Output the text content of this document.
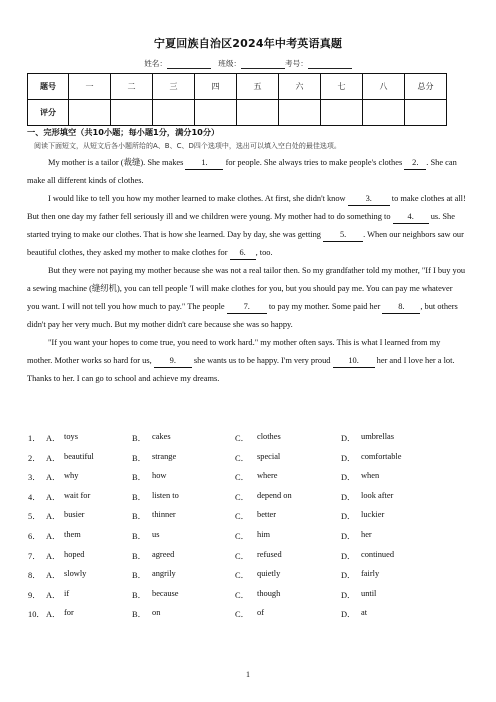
宁夏回族自治区2024年中考英语真题
姓名：	班级：	考号：
题号	一	二	三	四	五	六	七	八	总分
评分									
一、完形填空（共10小题；每小题1分，满分10分）
阅读下面短文，从短文后各小题所给的A、B、C、D四个选项中，选出可以填入空白处的最佳选项。

My mother is a tailor (裁缝). She makes 1. for people. She always tries to make people's clothes 2. . She can make all different kinds of clothes.

I would like to tell you how my mother learned to make clothes. At first, she didn't know 3. to make clothes at all! But then one day my father fell seriously ill and we children were young. My mother had to do something to 4. us. She started trying to make our clothes. That is how she learned. Day by day, she was getting 5. . When our neighbors saw our beautiful clothes, they asked my mother to make clothes for 6. , too.

But they were not paying my mother because she was not a real tailor then. So my grandfather told my mother, "If I buy you a sewing machine (缝纫机), you can tell people 'I will make clothes for you, but you should pay me. You can pay me whatever you want. I will not tell you how much to pay." The people 7. to pay my mother. Some paid her 8. , but others didn't pay her very much. But my mother didn't care because she was so happy.

"If you want your hopes to come true, you need to work hard." my mother often says. This is what I learned from my mother. Mother works so hard for us, 9. she wants us to be happy. I'm very proud 10. her and I love her a lot. Thanks to her. I can go to school and achieve my dreams.

1． A． toys	B． cakes	C． clothes	D． umbrellas
2． A． beautiful	B． strange	C． special	D． comfortable
3． A． why	B． how	C． where	D． when
4． A． wait for	B． listen to	C． depend on	D． look after
5． A． busier	B． thinner	C． better	D． luckier
6． A． them	B． us	C． him	D． her
7． A． hoped	B． agreed	C． refused	D． continued
8． A． slowly	B． angrily	C． quietly	D． fairly
9． A． if	B． because	C． though	D． until
10． A． for	B． on	C． of	D． at
1
